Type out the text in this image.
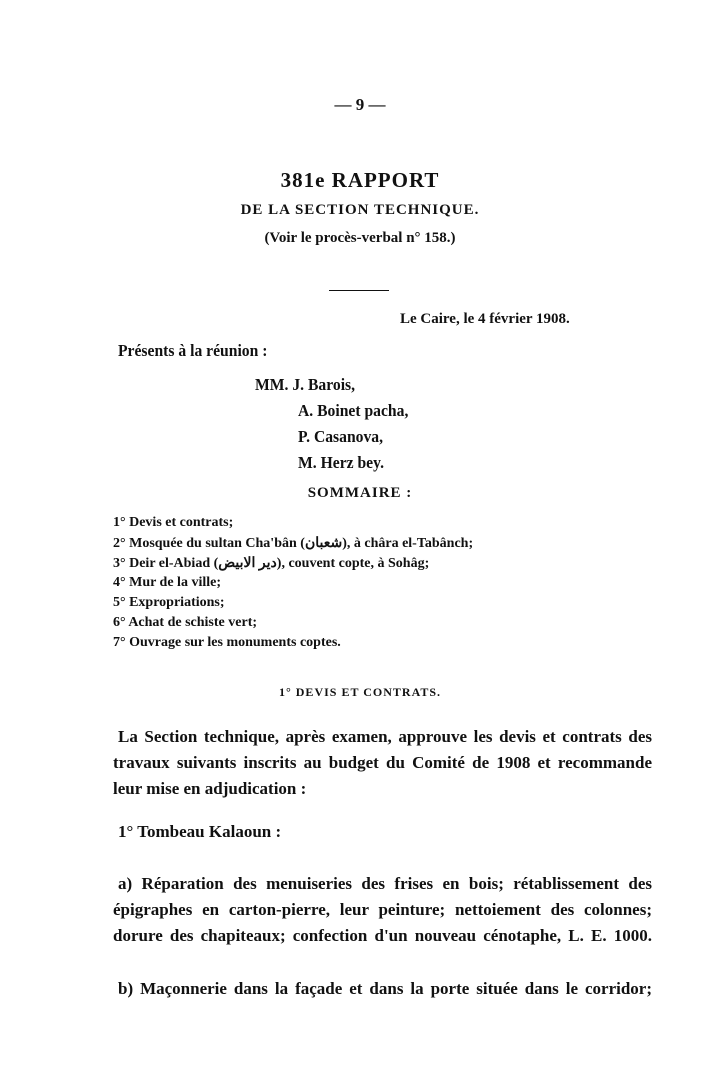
— 9 —
381e RAPPORT
DE LA SECTION TECHNIQUE.
(Voir le procès-verbal n° 158.)
Le Caire, le 4 février 1908.
Présents à la réunion :
MM. J. Barois,
A. Boinet pacha,
P. Casanova,
M. Herz bey.
SOMMAIRE :
1° Devis et contrats;
2° Mosquée du sultan Cha'bân (شعبان), à châra el-Tabânch;
3° Deir el-Abiad (دير الابيض), couvent copte, à Sohâg;
4° Mur de la ville;
5° Expropriations;
6° Achat de schiste vert;
7° Ouvrage sur les monuments coptes.
1° DEVIS ET CONTRATS.
La Section technique, après examen, approuve les devis et contrats des
travaux suivants inscrits au budget du Comité de 1908 et recommande
leur mise en adjudication :
1° Tombeau Kalaoun :
a) Réparation des menuiseries des frises en bois; rétablissement des
épigraphes en carton-pierre, leur peinture; nettoiement des colonnes;
dorure des chapiteaux; confection d'un nouveau cénotaphe, L. E. 1000.
b) Maçonnerie dans la façade et dans la porte située dans le corridor;
